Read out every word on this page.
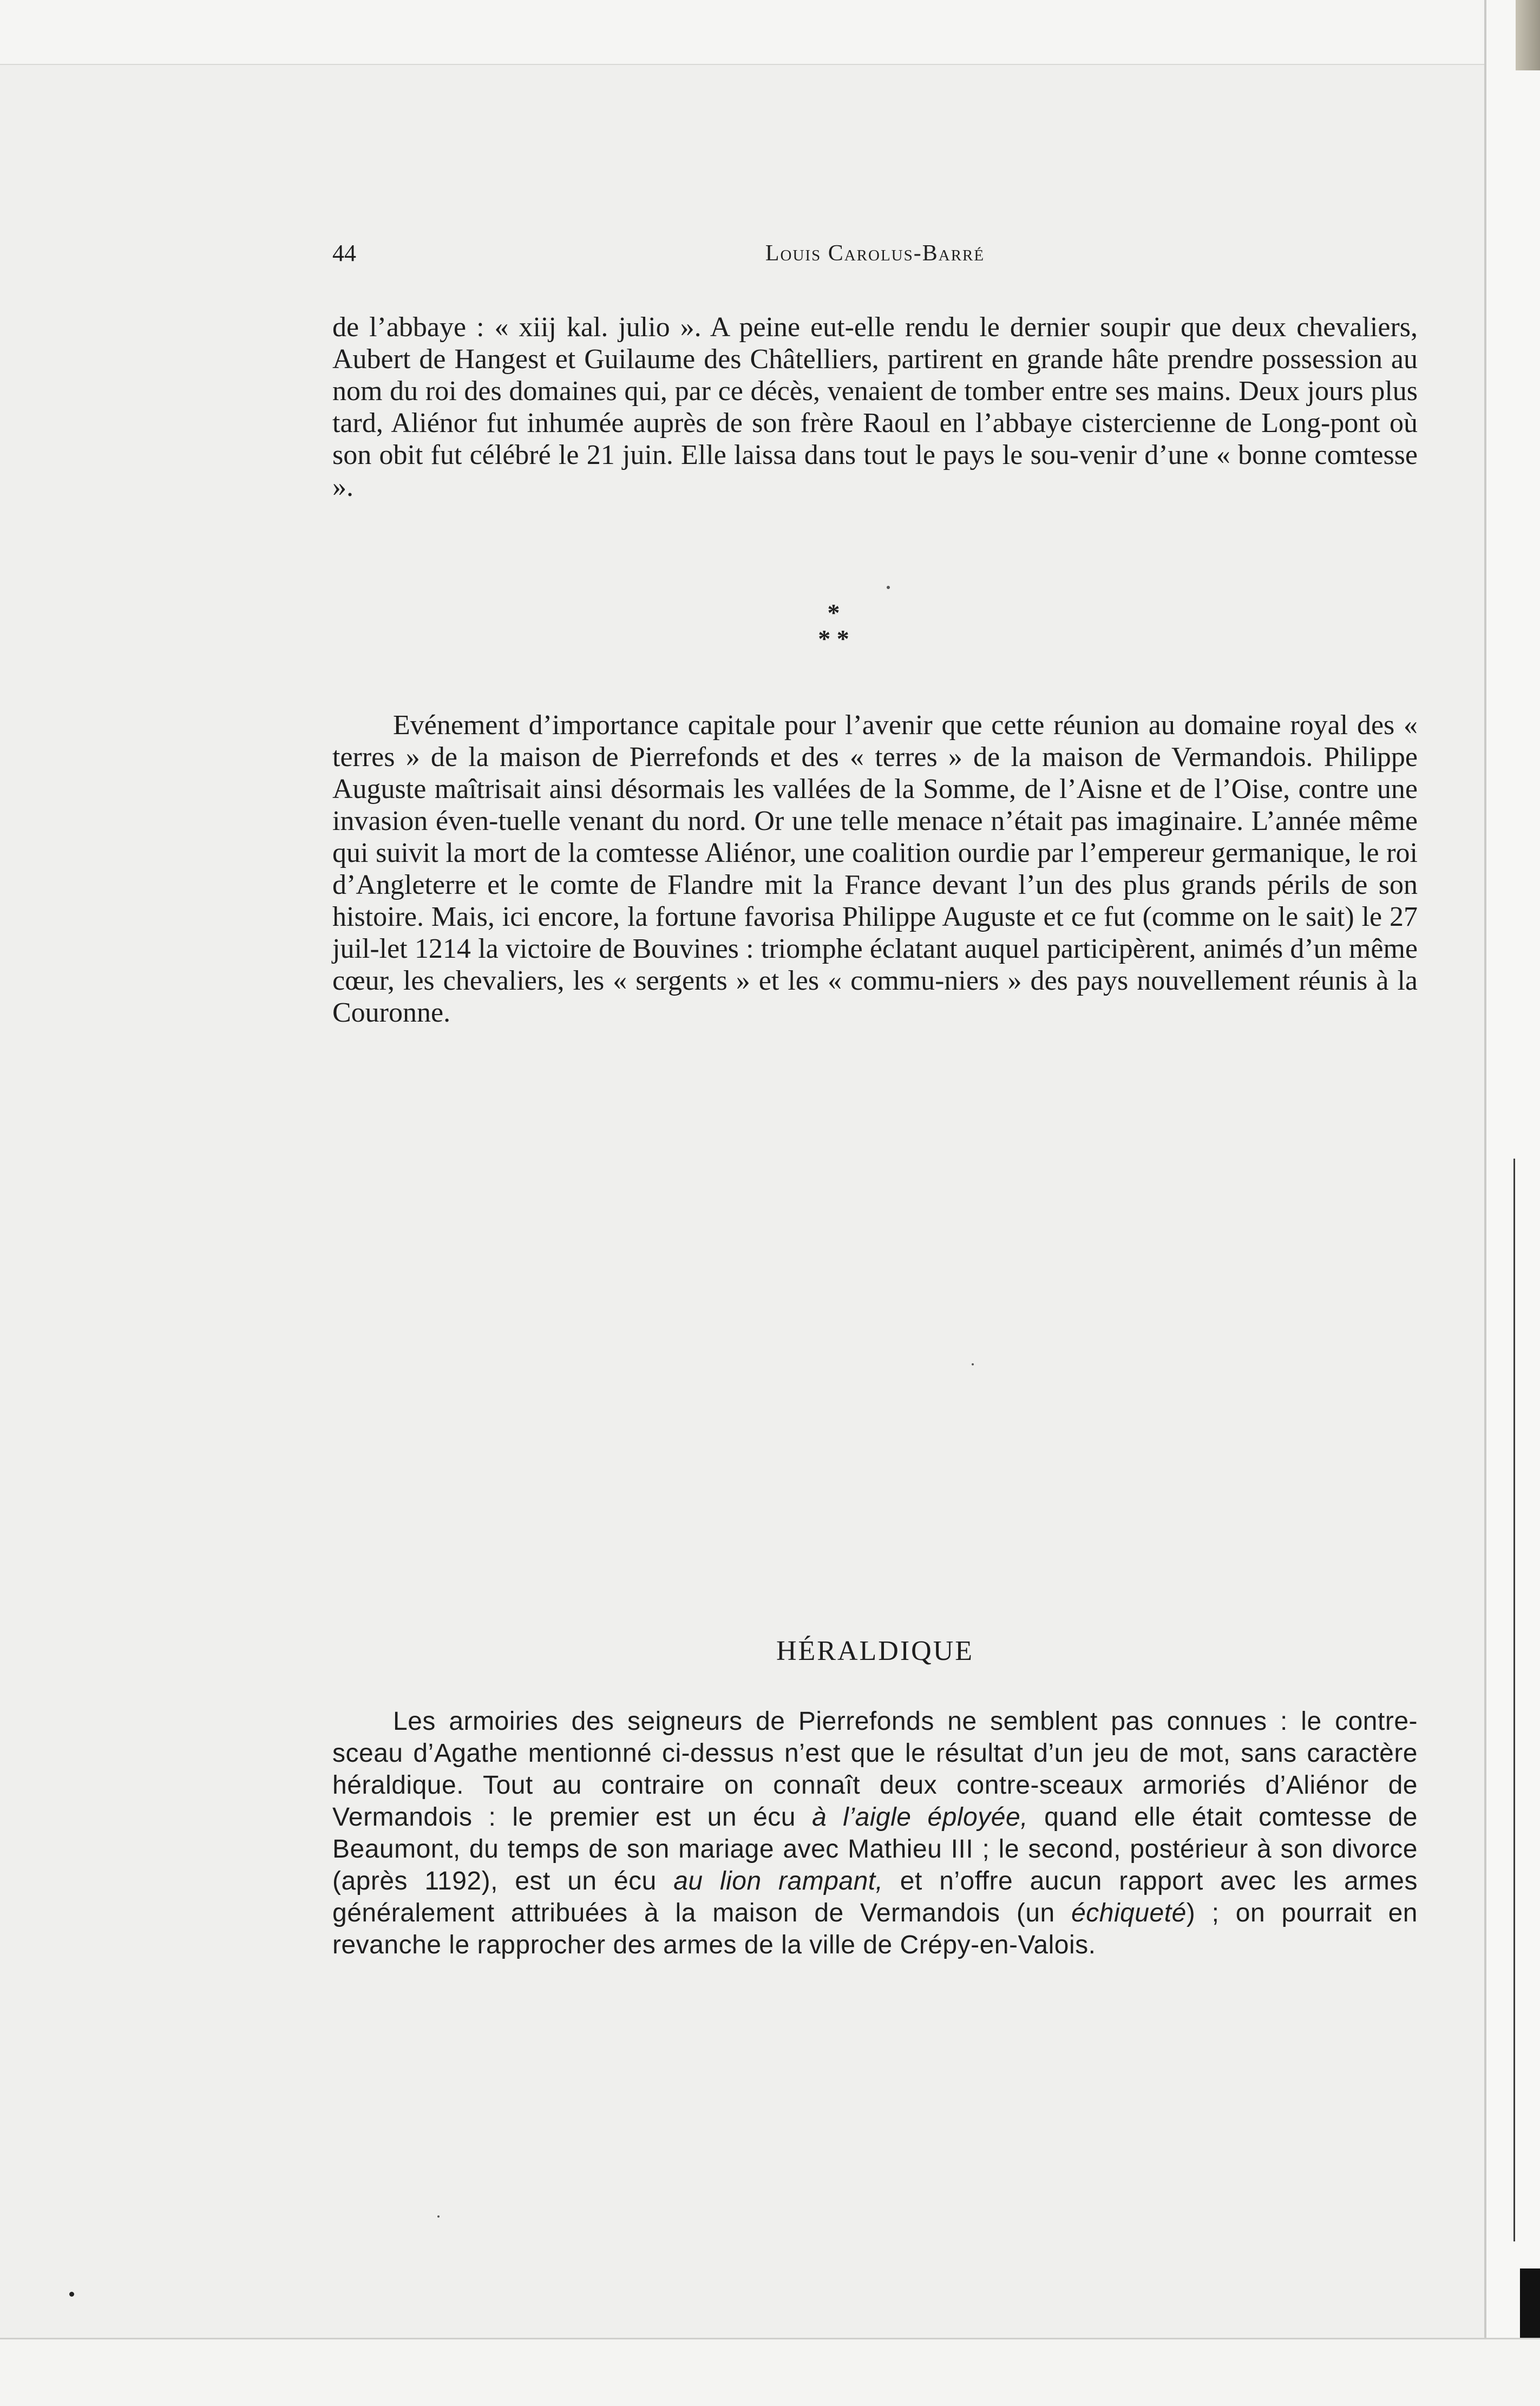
44	Louis Carolus-Barré

de l’abbaye : « xiij kal. julio ». A peine eut-elle rendu le dernier soupir que deux chevaliers, Aubert de Hangest et Guilaume des Châtelliers, partirent en grande hâte prendre possession au nom du roi des domaines qui, par ce décès, venaient de tomber entre ses mains. Deux jours plus tard, Aliénor fut inhumée auprès de son frère Raoul en l’abbaye cistercienne de Long-pont où son obit fut célébré le 21 juin. Elle laissa dans tout le pays le sou-venir d’une « bonne comtesse ».

*
* *

Evénement d’importance capitale pour l’avenir que cette réunion au domaine royal des « terres » de la maison de Pierrefonds et des « terres » de la maison de Vermandois. Philippe Auguste maîtrisait ainsi désormais les vallées de la Somme, de l’Aisne et de l’Oise, contre une invasion éven-tuelle venant du nord. Or une telle menace n’était pas imaginaire. L’année même qui suivit la mort de la comtesse Aliénor, une coalition ourdie par l’empereur germanique, le roi d’Angleterre et le comte de Flandre mit la France devant l’un des plus grands périls de son histoire. Mais, ici encore, la fortune favorisa Philippe Auguste et ce fut (comme on le sait) le 27 juil-let 1214 la victoire de Bouvines : triomphe éclatant auquel participèrent, animés d’un même cœur, les chevaliers, les « sergents » et les « commu-niers » des pays nouvellement réunis à la Couronne.

HÉRALDIQUE

Les armoiries des seigneurs de Pierrefonds ne semblent pas connues : le contre-sceau d’Agathe mentionné ci-dessus n’est que le résultat d’un jeu de mot, sans caractère héraldique. Tout au contraire on connaît deux contre-sceaux armoriés d’Aliénor de Vermandois : le premier est un écu à l’aigle éployée, quand elle était comtesse de Beaumont, du temps de son mariage avec Mathieu III ; le second, postérieur à son divorce (après 1192), est un écu au lion rampant, et n’offre aucun rapport avec les armes généralement attribuées à la maison de Vermandois (un échiqueté) ; on pourrait en revanche le rapprocher des armes de la ville de Crépy-en-Valois.
